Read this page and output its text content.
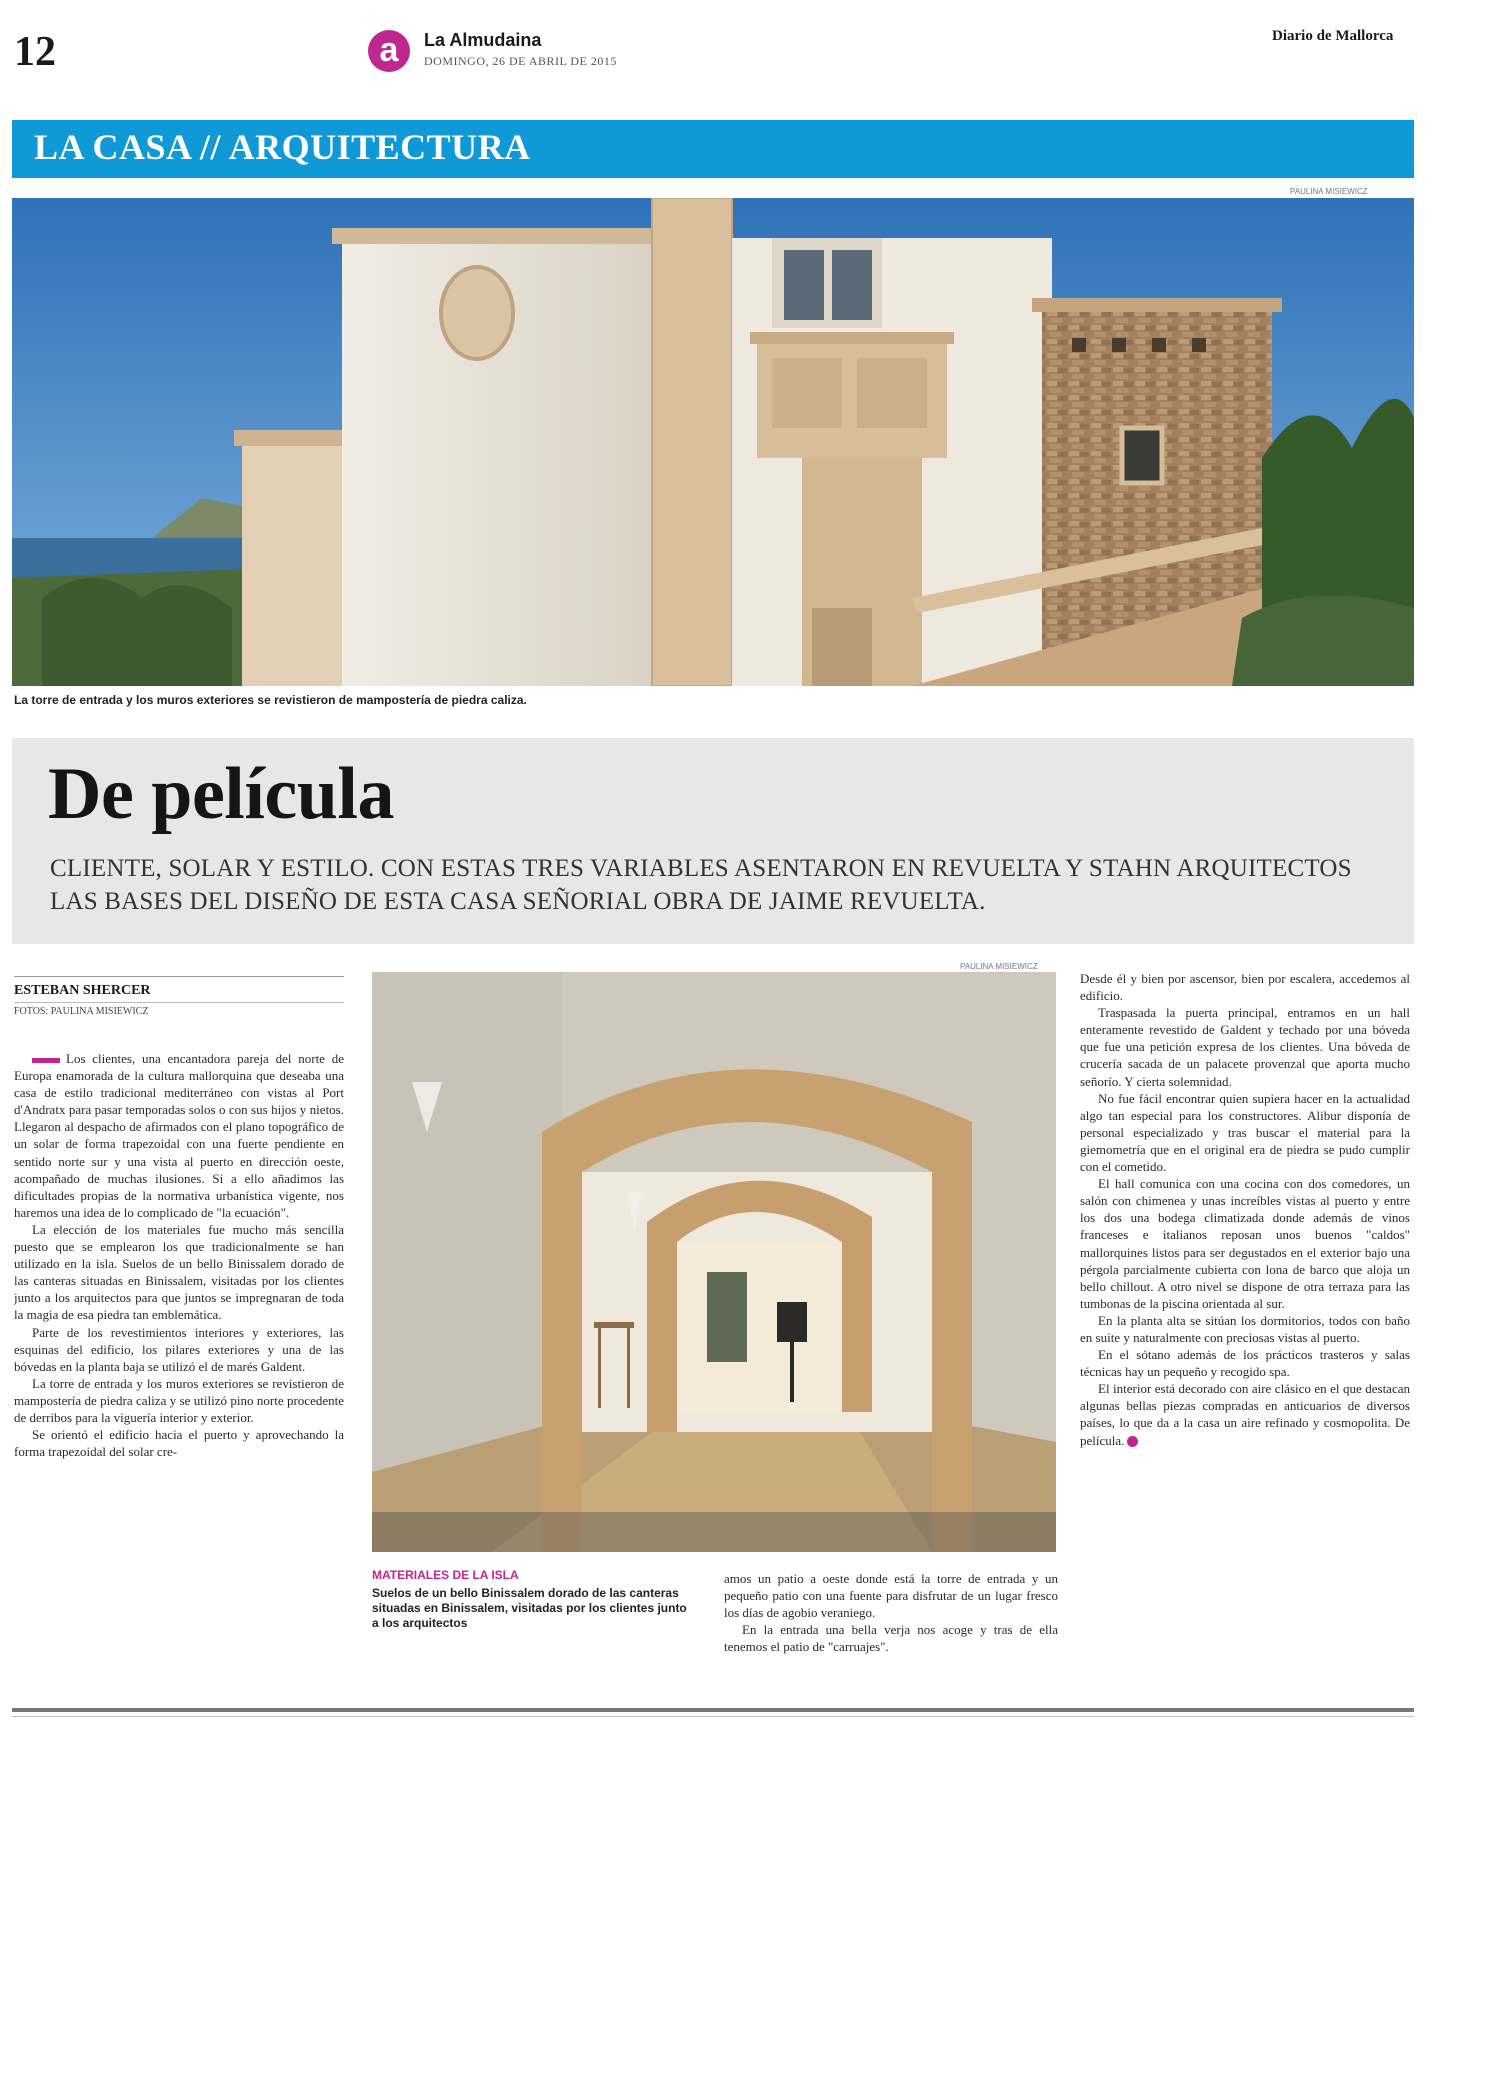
12	a	La Almudaina
DOMINGO, 26 DE ABRIL DE 2015
Diario de Mallorca
LA CASA // ARQUITECTURA
PAULINA MISIEWICZ
La torre de entrada y los muros exteriores se revistieron de mampostería de piedra caliza.
De película
CLIENTE, SOLAR Y ESTILO. CON ESTAS TRES VARIABLES ASENTARON EN REVUELTA Y STAHN ARQUITECTOS LAS BASES DEL DISEÑO DE ESTA CASA SEÑORIAL OBRA DE JAIME REVUELTA.
ESTEBAN SHERCER
FOTOS: PAULINA MISIEWICZ

Los clientes, una encantadora pareja del norte de Europa enamorada de la cultura mallorquina que deseaba una casa de estilo tradicional mediterráneo con vistas al Port d'Andratx para pasar temporadas solos o con sus hijos y nietos. Llegaron al despacho de afirmados con el plano topográfico de un solar de forma trapezoidal con una fuerte pendiente en sentido norte sur y una vista al puerto en dirección oeste, acompañado de muchas ilusiones. Si a ello añadimos las dificultades propias de la normativa urbanística vigente, nos haremos una idea de lo complicado de "la ecuación".

La elección de los materiales fue mucho más sencilla puesto que se emplearon los que tradicionalmente se han utilizado en la isla. Suelos de un bello Binissalem dorado de las canteras situadas en Binissalem, visitadas por los clientes junto a los arquitectos para que juntos se impregnaran de toda la magia de esa piedra tan emblemática.

Parte de los revestimientos interiores y exteriores, las esquinas del edificio, los pilares exteriores y una de las bóvedas en la planta baja se utilizó el de marés Galdent.

La torre de entrada y los muros exteriores se revistieron de mampostería de piedra caliza y se utilizó pino norte procedente de derribos para la viguería interior y exterior.

Se orientó el edificio hacia el puerto y aprovechando la forma trapezoidal del solar cre-

PAULINA MISIEWICZ
MATERIALES DE LA ISLA
Suelos de un bello Binissalem dorado de las canteras situadas en Binissalem, visitadas por los clientes junto a los arquitectos

amos un patio a oeste donde está la torre de entrada y un pequeño patio con una fuente para disfrutar de un lugar fresco los días de agobio veraniego.

En la entrada una bella verja nos acoge y tras de ella tenemos el patio de "carruajes".

Desde él y bien por ascensor, bien por escalera, accedemos al edificio.

Traspasada la puerta principal, entramos en un hall enteramente revestido de Galdent y techado por una bóveda que fue una petición expresa de los clientes. Una bóveda de crucería sacada de un palacete provenzal que aporta mucho señorío. Y cierta solemnidad.

No fue fácil encontrar quien supiera hacer en la actualidad algo tan especial para los constructores. Alibur disponía de personal especializado y tras buscar el material para la giemometría que en el original era de piedra se pudo cumplir con el cometido.

El hall comunica con una cocina con dos comedores, un salón con chimenea y unas increíbles vistas al puerto y entre los dos una bodega climatizada donde además de vinos franceses e italianos reposan unos buenos "caldos" mallorquines listos para ser degustados en el exterior bajo una pérgola parcialmente cubierta con lona de barco que aloja un bello chillout. A otro nivel se dispone de otra terraza para las tumbonas de la piscina orientada al sur.

En la planta alta se sitúan los dormitorios, todos con baño en suite y naturalmente con preciosas vistas al puerto.

En el sótano además de los prácticos trasteros y salas técnicas hay un pequeño y recogido spa.

El interior está decorado con aire clásico en el que destacan algunas bellas piezas compradas en anticuarios de diversos países, lo que da a la casa un aire refinado y cosmopolita. De película.
